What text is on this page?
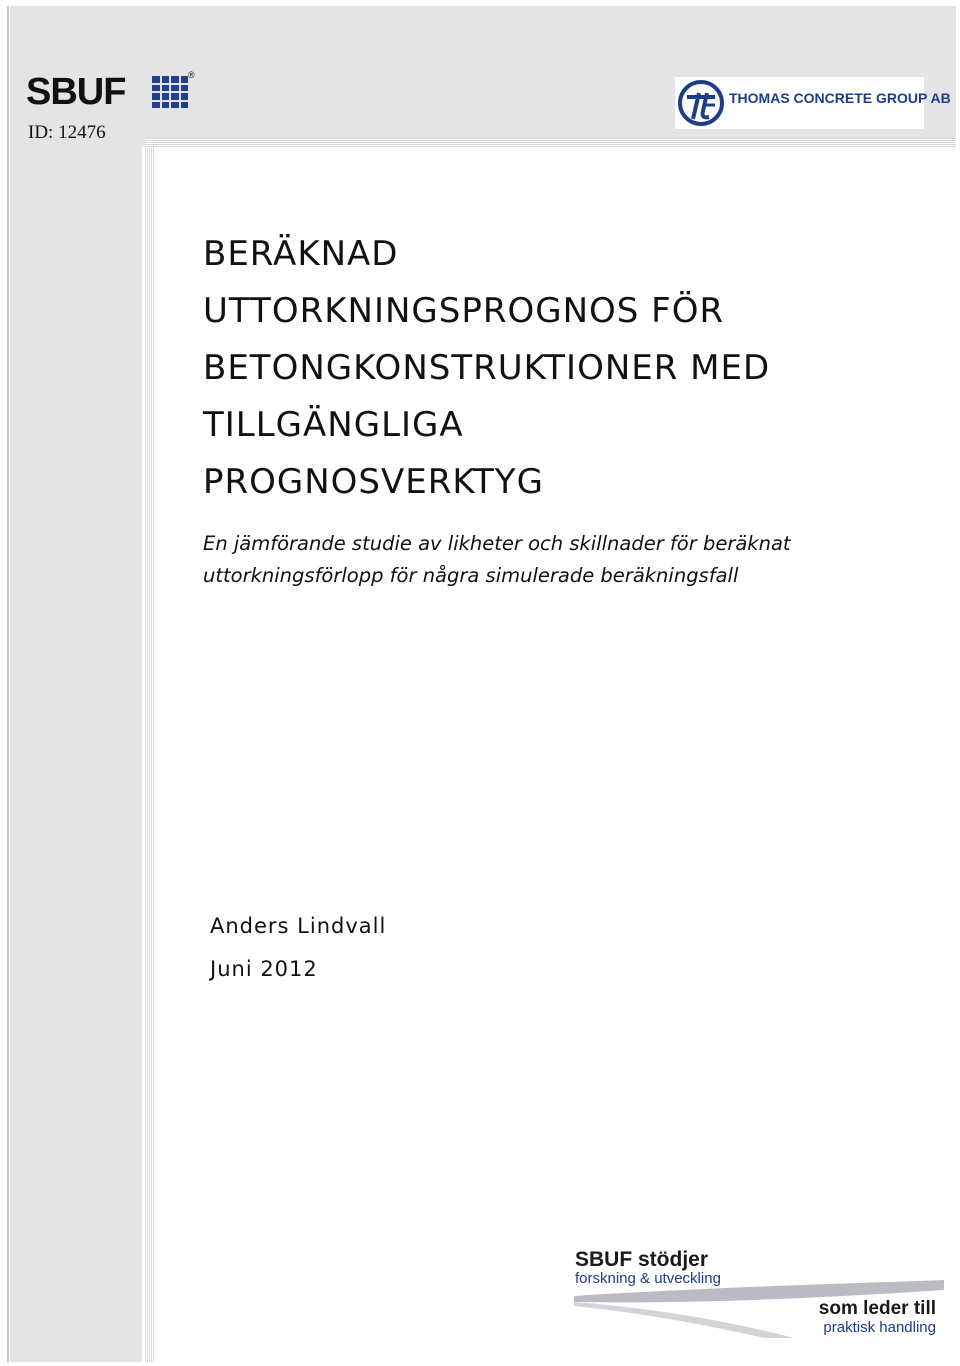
SBUF	®
ID: 12476
THOMAS CONCRETE GROUP AB
BERÄKNAD
UTTORKNINGSPROGNOS FÖR
BETONGKONSTRUKTIONER MED
TILLGÄNGLIGA
PROGNOSVERKTYG
En jämförande studie av likheter och skillnader för beräknat
uttorkningsförlopp för några simulerade beräkningsfall
Anders Lindvall
Juni 2012
SBUF stödjer
forskning & utveckling
som leder till
praktisk handling
